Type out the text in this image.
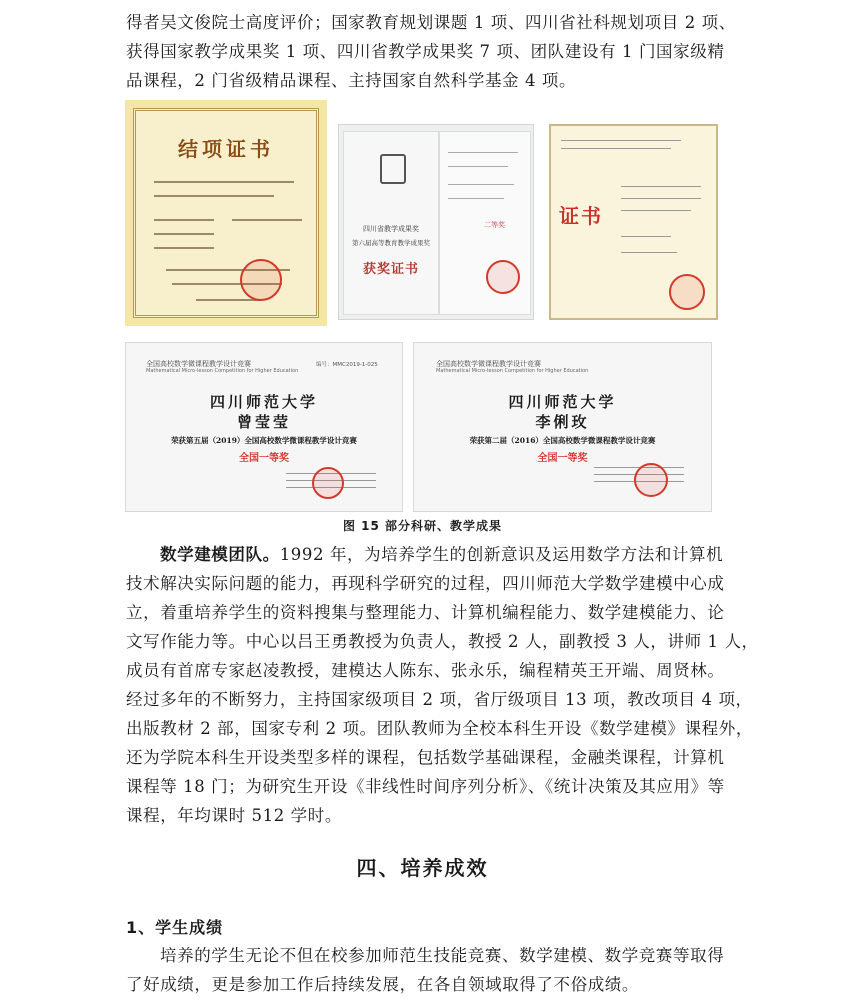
得者吴文俊院士高度评价；国家教育规划课题 1 项、四川省社科规划项目 2 项、
获得国家教学成果奖 1 项、四川省教学成果奖 7 项、团队建设有 1 门国家级精
品课程，2 门省级精品课程、主持国家自然科学基金 4 项。
结项证书
四川省教学成果奖
第六届高等教育教学成果奖
获奖证书
二等奖	证书
全国高校数学微课程教学设计竞赛
Mathematical Micro-lesson Competition for Higher Education
编号：MMC2019-1-025
四川师范大学
曾莹莹
荣获第五届（2019）全国高校数学微课程教学设计竞赛
全国一等奖
全国高校数学微课程教学设计竞赛
Mathematical Micro-lesson Competition for Higher Education
四川师范大学
李俐玫
荣获第二届（2016）全国高校数学微课程教学设计竞赛
全国一等奖
图 15 部分科研、教学成果
数学建模团队。1992 年，为培养学生的创新意识及运用数学方法和计算机
技术解决实际问题的能力，再现科学研究的过程，四川师范大学数学建模中心成
立，着重培养学生的资料搜集与整理能力、计算机编程能力、数学建模能力、论
文写作能力等。中心以吕王勇教授为负责人，教授 2 人，副教授 3 人，讲师 1 人，
成员有首席专家赵凌教授，建模达人陈东、张永乐，编程精英王开端、周贤林。
经过多年的不断努力，主持国家级项目 2 项，省厅级项目 13 项，教改项目 4 项，
出版教材 2 部，国家专利 2 项。团队教师为全校本科生开设《数学建模》课程外，
还为学院本科生开设类型多样的课程，包括数学基础课程，金融类课程，计算机
课程等 18 门；为研究生开设《非线性时间序列分析》、《统计决策及其应用》等
课程，年均课时 512 学时。
四、培养成效
1、学生成绩
培养的学生无论不但在校参加师范生技能竞赛、数学建模、数学竞赛等取得
了好成绩，更是参加工作后持续发展，在各自领域取得了不俗成绩。
